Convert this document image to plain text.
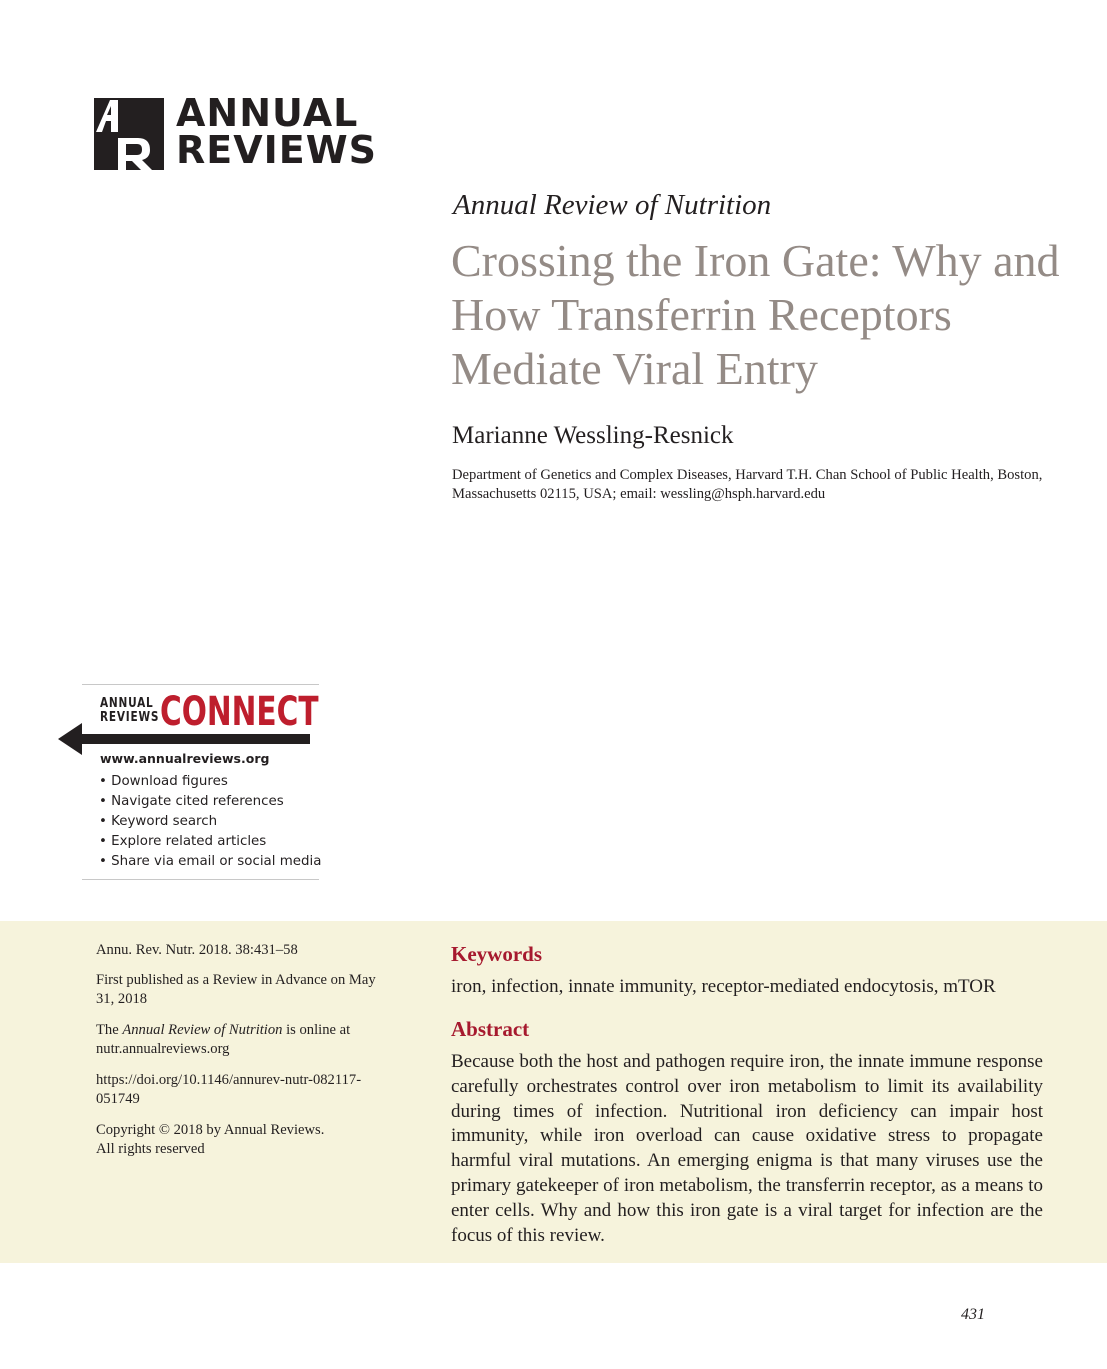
ANNUAL
REVIEWS
Annual Review of Nutrition
Crossing the Iron Gate: Why and How Transferrin Receptors Mediate Viral Entry
Marianne Wessling-Resnick
Department of Genetics and Complex Diseases, Harvard T.H. Chan School of Public Health, Boston, Massachusetts 02115, USA; email: wessling@hsph.harvard.edu
ANNUAL
REVIEWS CONNECT
www.annualreviews.org
• Download figures
• Navigate cited references
• Keyword search
• Explore related articles
• Share via email or social media

Annu. Rev. Nutr. 2018. 38:431–58

First published as a Review in Advance on May 31, 2018

The Annual Review of Nutrition is online at nutr.annualreviews.org

https://doi.org/10.1146/annurev-nutr-082117-051749

Copyright © 2018 by Annual Reviews.
All rights reserved

Keywords
iron, infection, innate immunity, receptor-mediated endocytosis, mTOR
Abstract

Because both the host and pathogen require iron, the innate immune response carefully orchestrates control over iron metabolism to limit its availability during times of infection. Nutritional iron deficiency can impair host immunity, while iron overload can cause oxidative stress to propagate harmful viral mutations. An emerging enigma is that many viruses use the primary gatekeeper of iron metabolism, the transferrin receptor, as a means to enter cells. Why and how this iron gate is a viral target for infection are the focus of this review.

431
